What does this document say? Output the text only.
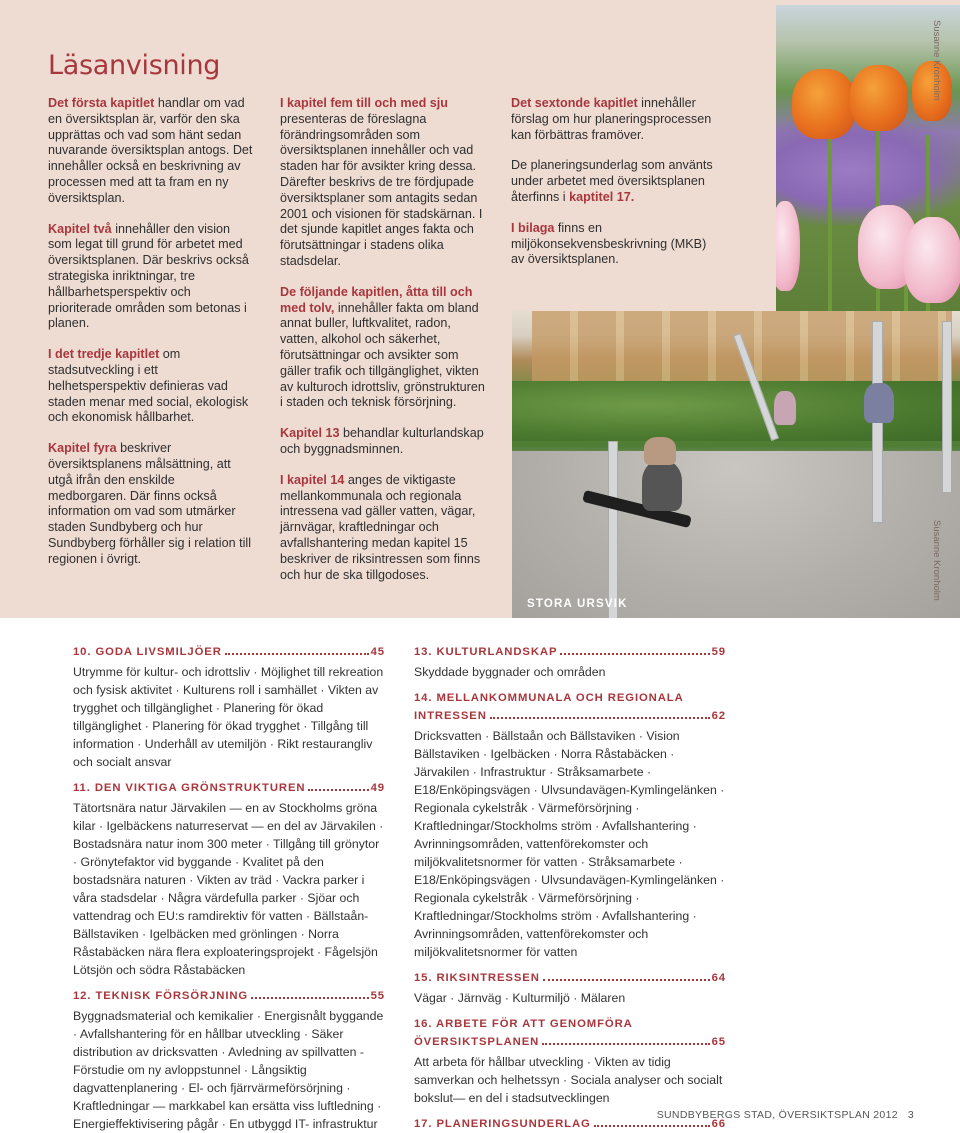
Läsanvisning

Det första kapitlet handlar om vad en översiktsplan är, varför den ska upprättas och vad som hänt sedan nuvarande översiktsplan antogs. Det innehåller också en beskrivning av processen med att ta fram en ny översiktsplan.

Kapitel två innehåller den vision som legat till grund för arbetet med översiktsplanen. Där beskrivs också strategiska inriktningar, tre hållbarhetsperspektiv och prioriterade områden som betonas i planen.

I det tredje kapitlet om stadsutveckling i ett helhetsperspektiv definieras vad staden menar med social, ekologisk och ekonomisk hållbarhet.

Kapitel fyra beskriver översiktsplanens målsättning, att utgå ifrån den enskilde medborgaren. Där finns också information om vad som utmärker staden Sundbyberg och hur Sundbyberg förhåller sig i relation till regionen i övrigt.

I kapitel fem till och med sju presenteras de föreslagna förändringsområden som översiktsplanen innehåller och vad staden har för avsikter kring dessa. Därefter beskrivs de tre fördjupade översiktsplaner som antagits sedan 2001 och visionen för stadskärnan. I det sjunde kapitlet anges fakta och förutsättningar i stadens olika stadsdelar.

De följande kapitlen, åtta till och med tolv, innehåller fakta om bland annat buller, luftkvalitet, radon, vatten, alkohol och säkerhet, förutsättningar och avsikter som gäller trafik och tillgänglighet, vikten av kulturoch idrottsliv, grönstrukturen i staden och teknisk försörjning.

Kapitel 13 behandlar kulturlandskap och byggnadsminnen.

I kapitel 14 anges de viktigaste mellankommunala och regionala intressena vad gäller vatten, vägar, järnvägar, kraftledningar och avfallshantering medan kapitel 15 beskriver de riksintressen som finns och hur de ska tillgodoses.

Det sextonde kapitlet innehåller förslag om hur planeringsprocessen kan förbättras framöver.

De planeringsunderlag som använts under arbetet med översiktsplanen återfinns i kaptitel 17.

I bilaga finns en miljökonsekvensbeskrivning (MKB) av översiktsplanen.

Susanne Kronholm
Susanne Kronholm
STORA URSVIK
10. GODA LIVSMILJÖER	45
Utrymme för kultur- och idrottsliv · Möjlighet till rekreation och fysisk aktivitet · Kulturens roll i samhället · Vikten av trygghet och tillgänglighet · Planering för ökad tillgänglighet · Planering för ökad trygghet · Tillgång till information · Underhåll av utemiljön · Rikt restaurangliv och socialt ansvar
11. DEN VIKTIGA GRÖNSTRUKTUREN	49
Tätortsnära natur Järvakilen — en av Stockholms gröna kilar · Igelbäckens naturreservat — en del av Järvakilen · Bostadsnära natur inom 300 meter · Tillgång till grönytor · Grönytefaktor vid byggande · Kvalitet på den bostadsnära naturen · Vikten av träd · Vackra parker i våra stadsdelar · Några värdefulla parker · Sjöar och vattendrag och EU:s ramdirektiv för vatten · Bällstaån- Bällstaviken · Igelbäcken med grönlingen · Norra Råstabäcken nära flera exploateringsprojekt · Fågelsjön Lötsjön och södra Råstabäcken
12. TEKNISK FÖRSÖRJNING	55
Byggnadsmaterial och kemikalier · Energisnålt byggande · Avfallshantering för en hållbar utveckling · Säker distribution av dricksvatten · Avledning av spillvatten -Förstudie om ny avloppstunnel · Långsiktig dagvattenplanering · El- och fjärrvärmeförsörjning · Kraftledningar — markkabel kan ersätta viss luftledning · Energieffektivisering pågår · En utbyggd IT- infrastruktur
13. KULTURLANDSKAP	59
Skyddade byggnader och områden
14. MELLANKOMMUNALA OCH REGIONALA
INTRESSEN	62
Dricksvatten · Bällstaån och Bällstaviken · Vision Bällstaviken · Igelbäcken · Norra Råstabäcken · Järvakilen · Infrastruktur · Stråksamarbete · E18/Enköpingsvägen · Ulvsundavägen-Kymlingelänken · Regionala cykelstråk · Värmeförsörjning · Kraftledningar/Stockholms ström · Avfallshantering · Avrinningsområden, vattenförekomster och miljökvalitetsnormer för vatten · Stråksamarbete · E18/Enköpingsvägen · Ulvsundavägen-Kymlingelänken · Regionala cykelstråk · Värmeförsörjning · Kraftledningar/Stockholms ström · Avfallshantering · Avrinningsområden, vattenförekomster och miljökvalitetsnormer för vatten
15. RIKSINTRESSEN	64
Vägar · Järnväg · Kulturmiljö · Mälaren
16. ARBETE FÖR ATT GENOMFÖRA
ÖVERSIKTSPLANEN	65
Att arbeta för hållbar utveckling · Vikten av tidig samverkan och helhetssyn · Sociala analyser och socialt bokslut— en del i stadsutvecklingen
17. PLANERINGSUNDERLAG	66
SUNDBYBERGS STAD, ÖVERSIKTSPLAN 2012 3
